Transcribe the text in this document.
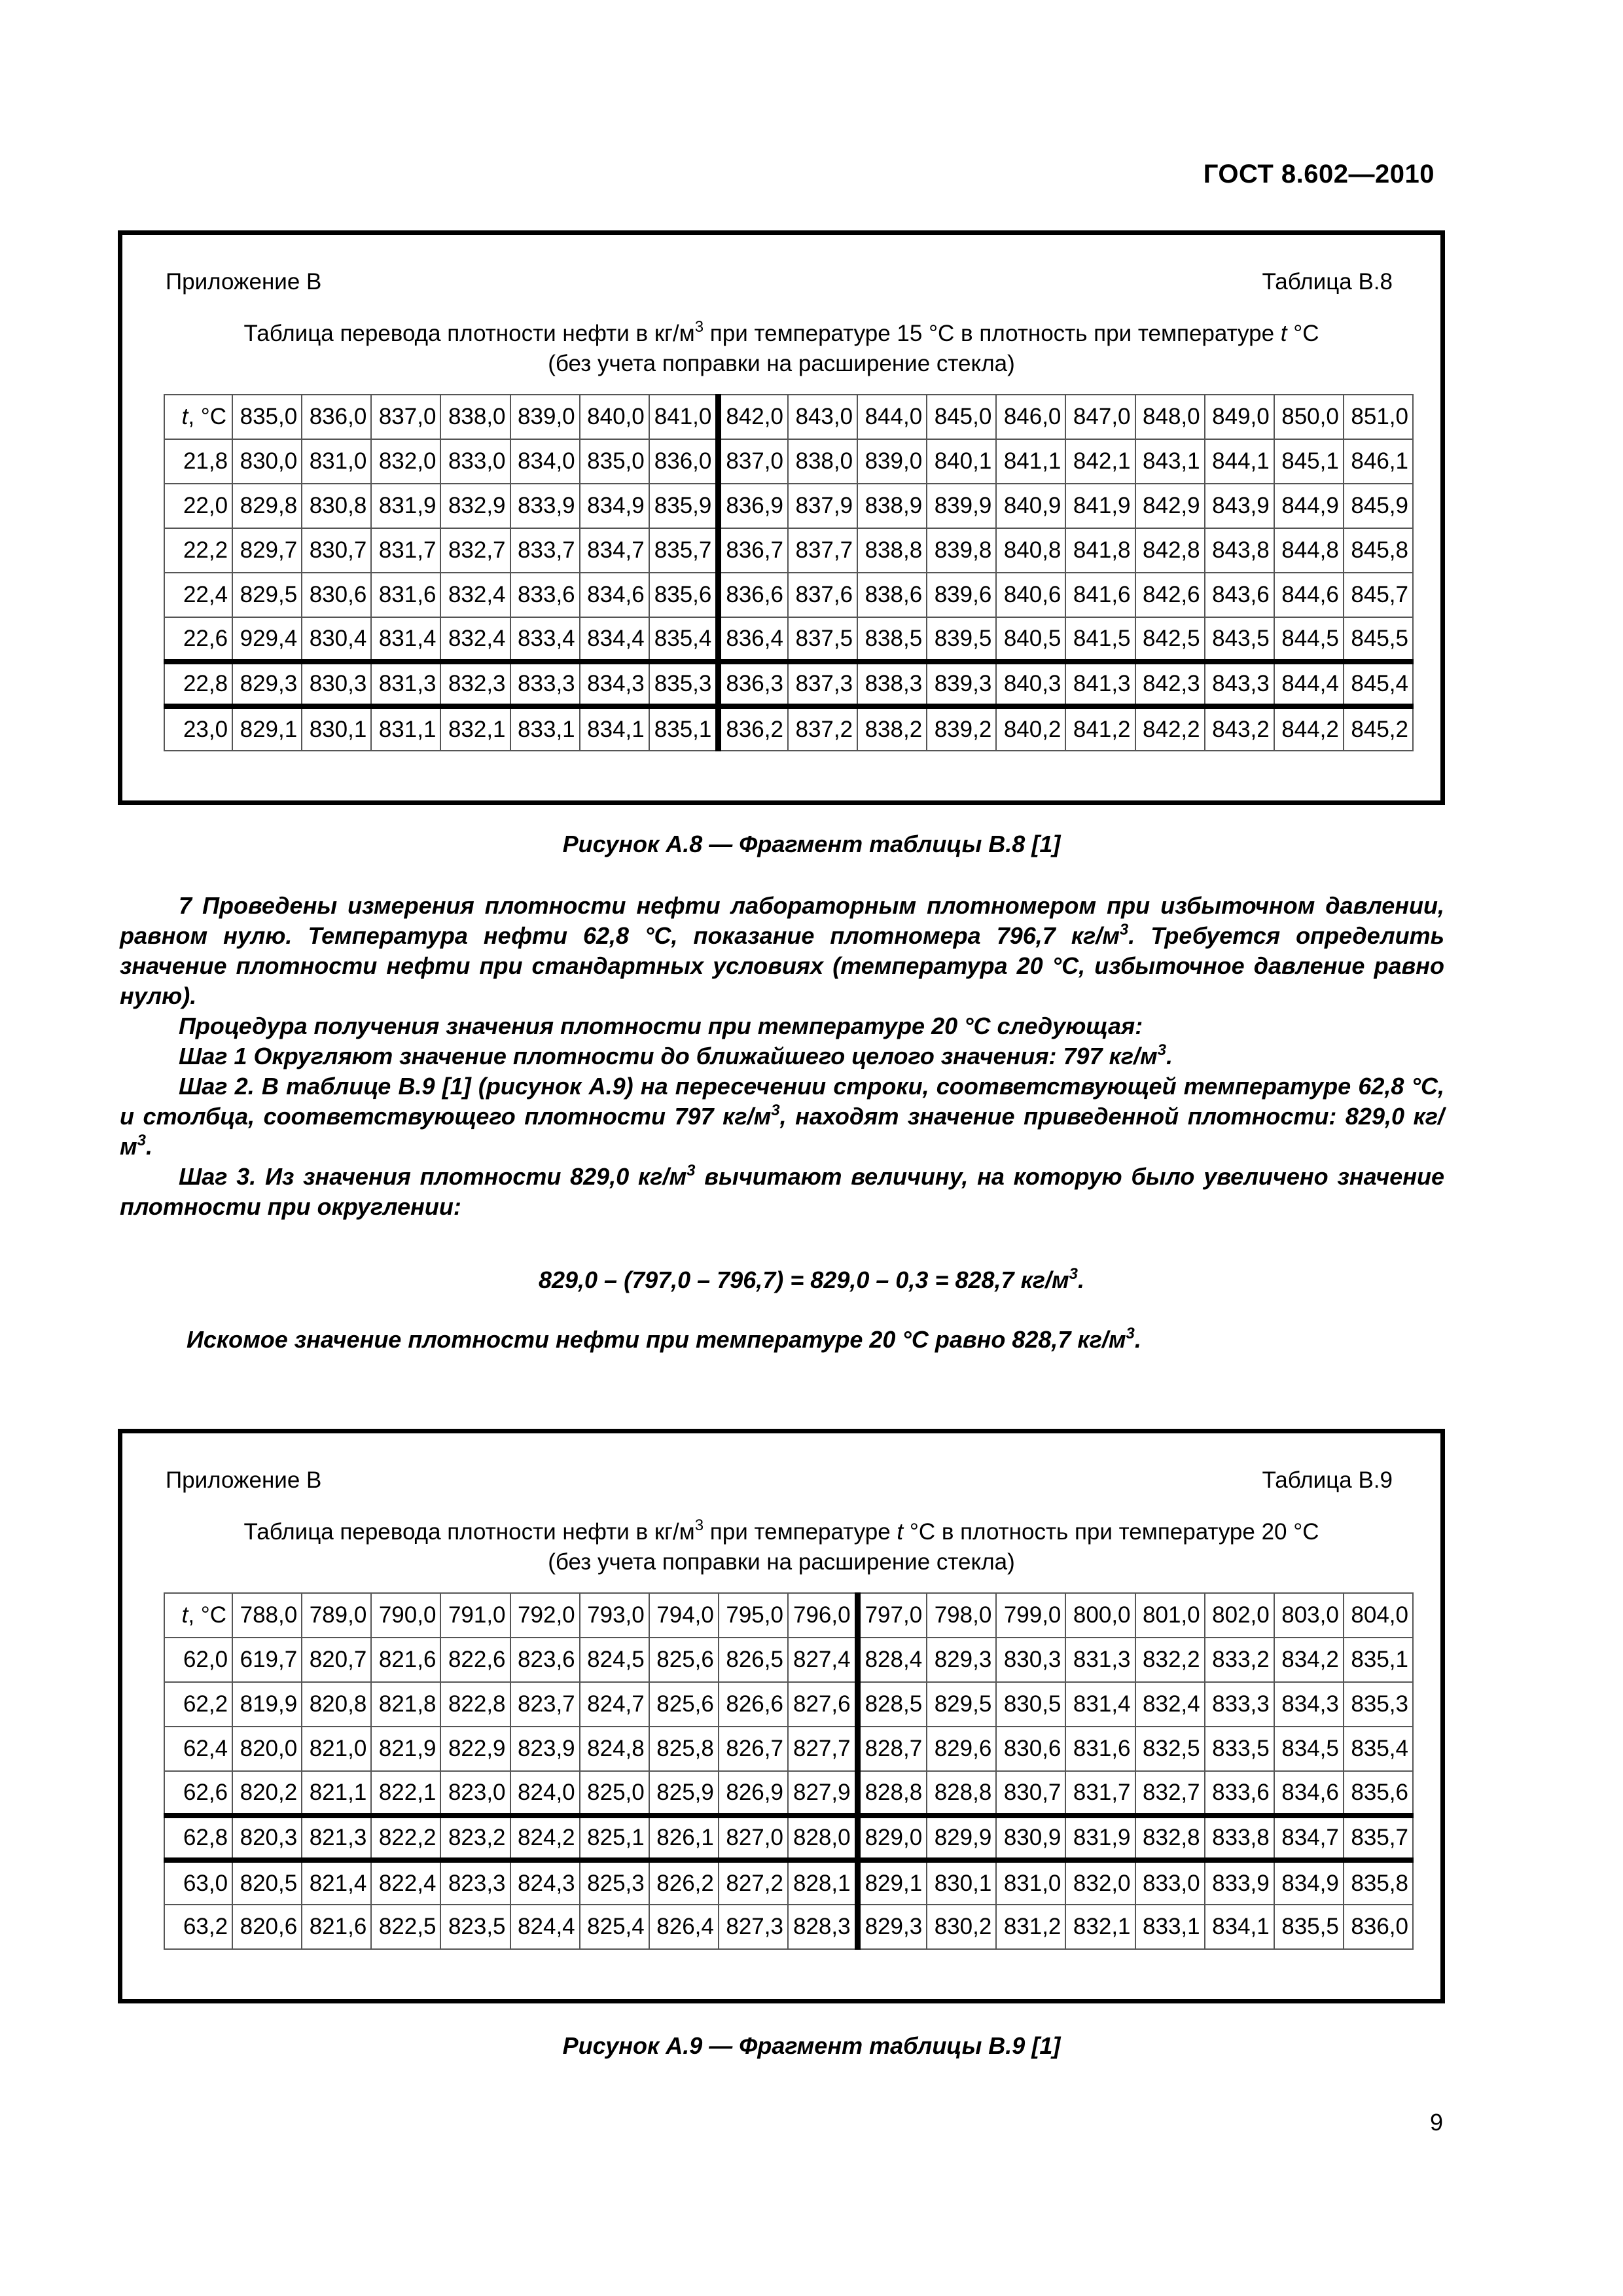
ГОСТ 8.602—2010
Приложение В	Таблица В.8
Таблица перевода плотности нефти в $кг/м^3$ при температуре 15 °С в плотность при температуре t °С
(без учета поправки на расширение стекла)
t, °С	835,0	836,0	837,0	838,0	839,0	840,0	841,0	842,0	843,0	844,0	845,0	846,0	847,0	848,0	849,0	850,0	851,0
21,8	830,0	831,0	832,0	833,0	834,0	835,0	836,0	837,0	838,0	839,0	840,1	841,1	842,1	843,1	844,1	845,1	846,1
22,0	829,8	830,8	831,9	832,9	833,9	834,9	835,9	836,9	837,9	838,9	839,9	840,9	841,9	842,9	843,9	844,9	845,9
22,2	829,7	830,7	831,7	832,7	833,7	834,7	835,7	836,7	837,7	838,8	839,8	840,8	841,8	842,8	843,8	844,8	845,8
22,4	829,5	830,6	831,6	832,4	833,6	834,6	835,6	836,6	837,6	838,6	839,6	840,6	841,6	842,6	843,6	844,6	845,7
22,6	929,4	830,4	831,4	832,4	833,4	834,4	835,4	836,4	837,5	838,5	839,5	840,5	841,5	842,5	843,5	844,5	845,5
22,8	829,3	830,3	831,3	832,3	833,3	834,3	835,3	836,3	837,3	838,3	839,3	840,3	841,3	842,3	843,3	844,4	845,4
23,0	829,1	830,1	831,1	832,1	833,1	834,1	835,1	836,2	837,2	838,2	839,2	840,2	841,2	842,2	843,2	844,2	845,2
Рисунок А.8 — Фрагмент таблицы В.8 [1]

7 Проведены измерения плотности нефти лабораторным плотномером при избыточном давлении, равном нулю. Температура нефти 62,8 °С, показание плотномера 796,7 $кг/м^3$. Требуется определить значение плотности нефти при стандартных условиях (температура 20 °С, избыточное давление равно нулю).

Процедура получения значения плотности при температуре 20 °С следующая:

Шаг 1 Округляют значение плотности до ближайшего целого значения: 797 $кг/м^3$.

Шаг 2. В таблице В.9 [1] (рисунок А.9) на пересечении строки, соответствующей температуре 62,8 °С, и столбца, соответствующего плотности 797 $кг/м^3$, находят значение приведенной плотности: 829,0 $кг/м^3$.

Шаг 3. Из значения плотности 829,0 $кг/м^3$ вычитают величину, на которую было увеличено значение плотности при округлении:

829,0 – (797,0 – 796,7) = 829,0 – 0,3 = 828,7 $кг/м^3$.
Искомое значение плотности нефти при температуре 20 °С равно 828,7 $кг/м^3$.
Приложение В	Таблица В.9
Таблица перевода плотности нефти в $кг/м^3$ при температуре t °С в плотность при температуре 20 °С
(без учета поправки на расширение стекла)
t, °С	788,0	789,0	790,0	791,0	792,0	793,0	794,0	795,0	796,0	797,0	798,0	799,0	800,0	801,0	802,0	803,0	804,0
62,0	619,7	820,7	821,6	822,6	823,6	824,5	825,6	826,5	827,4	828,4	829,3	830,3	831,3	832,2	833,2	834,2	835,1
62,2	819,9	820,8	821,8	822,8	823,7	824,7	825,6	826,6	827,6	828,5	829,5	830,5	831,4	832,4	833,3	834,3	835,3
62,4	820,0	821,0	821,9	822,9	823,9	824,8	825,8	826,7	827,7	828,7	829,6	830,6	831,6	832,5	833,5	834,5	835,4
62,6	820,2	821,1	822,1	823,0	824,0	825,0	825,9	826,9	827,9	828,8	828,8	830,7	831,7	832,7	833,6	834,6	835,6
62,8	820,3	821,3	822,2	823,2	824,2	825,1	826,1	827,0	828,0	829,0	829,9	830,9	831,9	832,8	833,8	834,7	835,7
63,0	820,5	821,4	822,4	823,3	824,3	825,3	826,2	827,2	828,1	829,1	830,1	831,0	832,0	833,0	833,9	834,9	835,8
63,2	820,6	821,6	822,5	823,5	824,4	825,4	826,4	827,3	828,3	829,3	830,2	831,2	832,1	833,1	834,1	835,5	836,0
Рисунок А.9 — Фрагмент таблицы В.9 [1]
9
